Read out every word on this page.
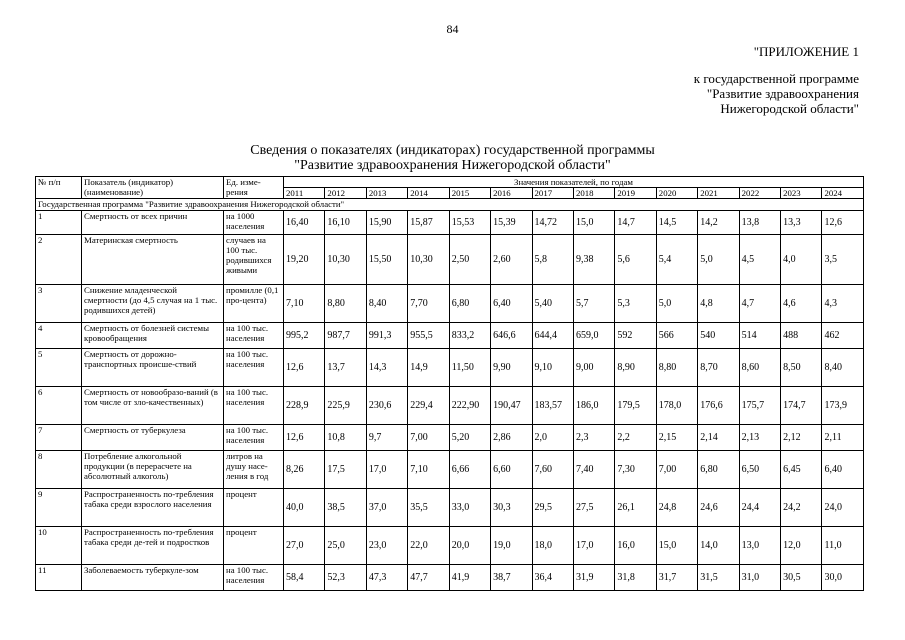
84
"ПРИЛОЖЕНИЕ 1
к государственной программе
"Развитие здравоохранения
Нижегородской области"
Сведения о показателях (индикаторах) государственной программы
"Развитие здравоохранения Нижегородской области"
№ п/п	Показатель (индикатор) (наименование)	Ед. изме-рения	Значения показателей, по годам													
			2011	2012	2013	2014	2015	2016	2017	2018	2019	2020	2021	2022	2023	2024
Государственная программа "Развитие здравоохранения Нижегородской области"																
1	Смертность от всех причин	на 1000 населения	16,40	16,10	15,90	15,87	15,53	15,39	14,72	15,0	14,7	14,5	14,2	13,8	13,3	12,6
2	Материнская смертность	случаев на 100 тыс. родившихся живыми	19,20	10,30	15,50	10,30	2,50	2,60	5,8	9,38	5,6	5,4	5,0	4,5	4,0	3,5
3	Снижение младенческой смертности (до 4,5 случая на 1 тыс. родившихся детей)	промилле (0,1 про-цента)	7,10	8,80	8,40	7,70	6,80	6,40	5,40	5,7	5,3	5,0	4,8	4,7	4,6	4,3
4	Смертность от болезней системы кровообращения	на 100 тыс. населения	995,2	987,7	991,3	955,5	833,2	646,6	644,4	659,0	592	566	540	514	488	462
5	Смертность от дорожно-транспортных происше-ствий	на 100 тыс. населения	12,6	13,7	14,3	14,9	11,50	9,90	9,10	9,00	8,90	8,80	8,70	8,60	8,50	8,40
6	Смертность от новообразо-ваний (в том числе от зло-качественных)	на 100 тыс. населения	228,9	225,9	230,6	229,4	222,90	190,47	183,57	186,0	179,5	178,0	176,6	175,7	174,7	173,9
7	Смертность от туберкулеза	на 100 тыс. населения	12,6	10,8	9,7	7,00	5,20	2,86	2,0	2,3	2,2	2,15	2,14	2,13	2,12	2,11
8	Потребление алкогольной продукции (в перерасчете на абсолютный алкоголь)	литров на душу насе-ления в год	8,26	17,5	17,0	7,10	6,66	6,60	7,60	7,40	7,30	7,00	6,80	6,50	6,45	6,40
9	Распространенность по-требления табака среди взрослого населения	процент	40,0	38,5	37,0	35,5	33,0	30,3	29,5	27,5	26,1	24,8	24,6	24,4	24,2	24,0
10	Распространенность по-требления табака среди де-тей и подростков	процент	27,0	25,0	23,0	22,0	20,0	19,0	18,0	17,0	16,0	15,0	14,0	13,0	12,0	11,0
11	Заболеваемость туберкуле-зом	на 100 тыс. населения	58,4	52,3	47,3	47,7	41,9	38,7	36,4	31,9	31,8	31,7	31,5	31,0	30,5	30,0
